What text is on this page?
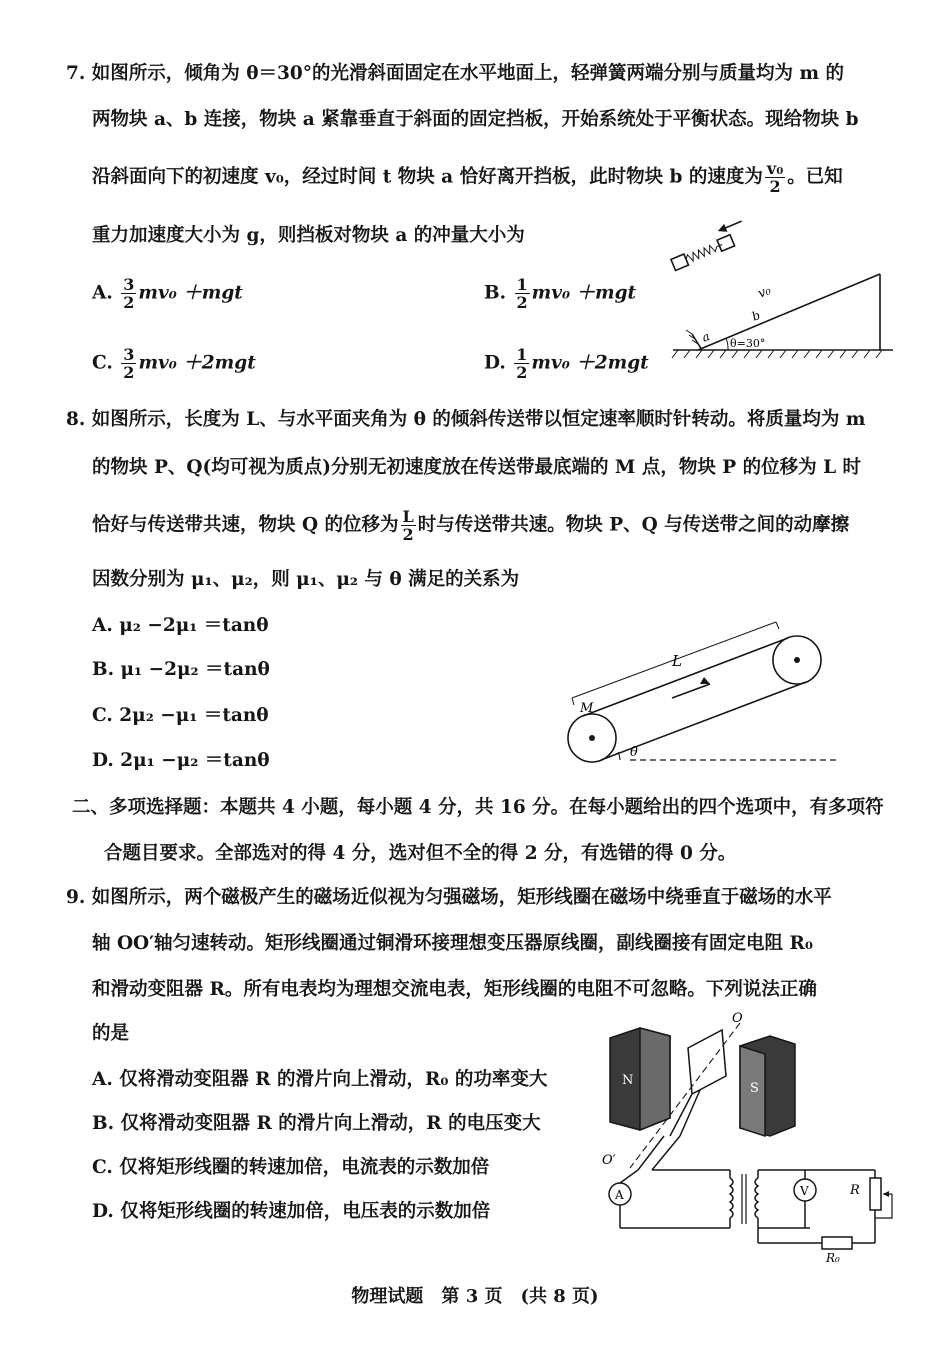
7. 如图所示，倾角为 θ＝30°的光滑斜面固定在水平地面上，轻弹簧两端分别与质量均为 m 的
两物块 a、b 连接，物块 a 紧靠垂直于斜面的固定挡板，开始系统处于平衡状态。现给物块 b
沿斜面向下的初速度 v₀，经过时间 t 物块 a 恰好离开挡板，此时物块 b 的速度为 $\frac{\text{v₀}}{2}$ 。已知
重力加速度大小为 g，则挡板对物块 a 的冲量大小为
A. $\frac{3}{2} mv_0 +mgt$	B. $\frac{1}{2} mv_0 +mgt$
C. $\frac{3}{2} mv_0 +2mgt$	D. $\frac{1}{2} mv_0 +2mgt$
v₀
a
b
θ=30°
8. 如图所示，长度为 L、与水平面夹角为 θ 的倾斜传送带以恒定速率顺时针转动。将质量均为 m
的物块 P、Q(均可视为质点)分别无初速度放在传送带最底端的 M 点，物块 P 的位移为 L 时
恰好与传送带共速，物块 Q 的位移为 $\frac{L}{2}$ 时与传送带共速。物块 P、Q 与传送带之间的动摩擦
因数分别为 μ₁、μ₂，则 μ₁、μ₂ 与 θ 满足的关系为
A. μ₂ −2μ₁ ＝tanθ
B. μ₁ −2μ₂ ＝tanθ
C. 2μ₂ −μ₁ ＝tanθ
D. 2μ₁ −μ₂ ＝tanθ
L
M
θ
二、多项选择题：本题共 4 小题，每小题 4 分，共 16 分。在每小题给出的四个选项中，有多项符
合题目要求。全部选对的得 4 分，选对但不全的得 2 分，有选错的得 0 分。
9. 如图所示，两个磁极产生的磁场近似视为匀强磁场，矩形线圈在磁场中绕垂直于磁场的水平
轴 OO′轴匀速转动。矩形线圈通过铜滑环接理想变压器原线圈，副线圈接有固定电阻 R₀
和滑动变阻器 R。所有电表均为理想交流电表，矩形线圈的电阻不可忽略。下列说法正确
的是
A. 仅将滑动变阻器 R 的滑片向上滑动，R₀ 的功率变大
B. 仅将滑动变阻器 R 的滑片向上滑动，R 的电压变大
C. 仅将矩形线圈的转速加倍，电流表的示数加倍
D. 仅将矩形线圈的转速加倍，电压表的示数加倍
N
S
O
O′
A	V	R
R₀
物理试题　第 3 页　(共 8 页)
